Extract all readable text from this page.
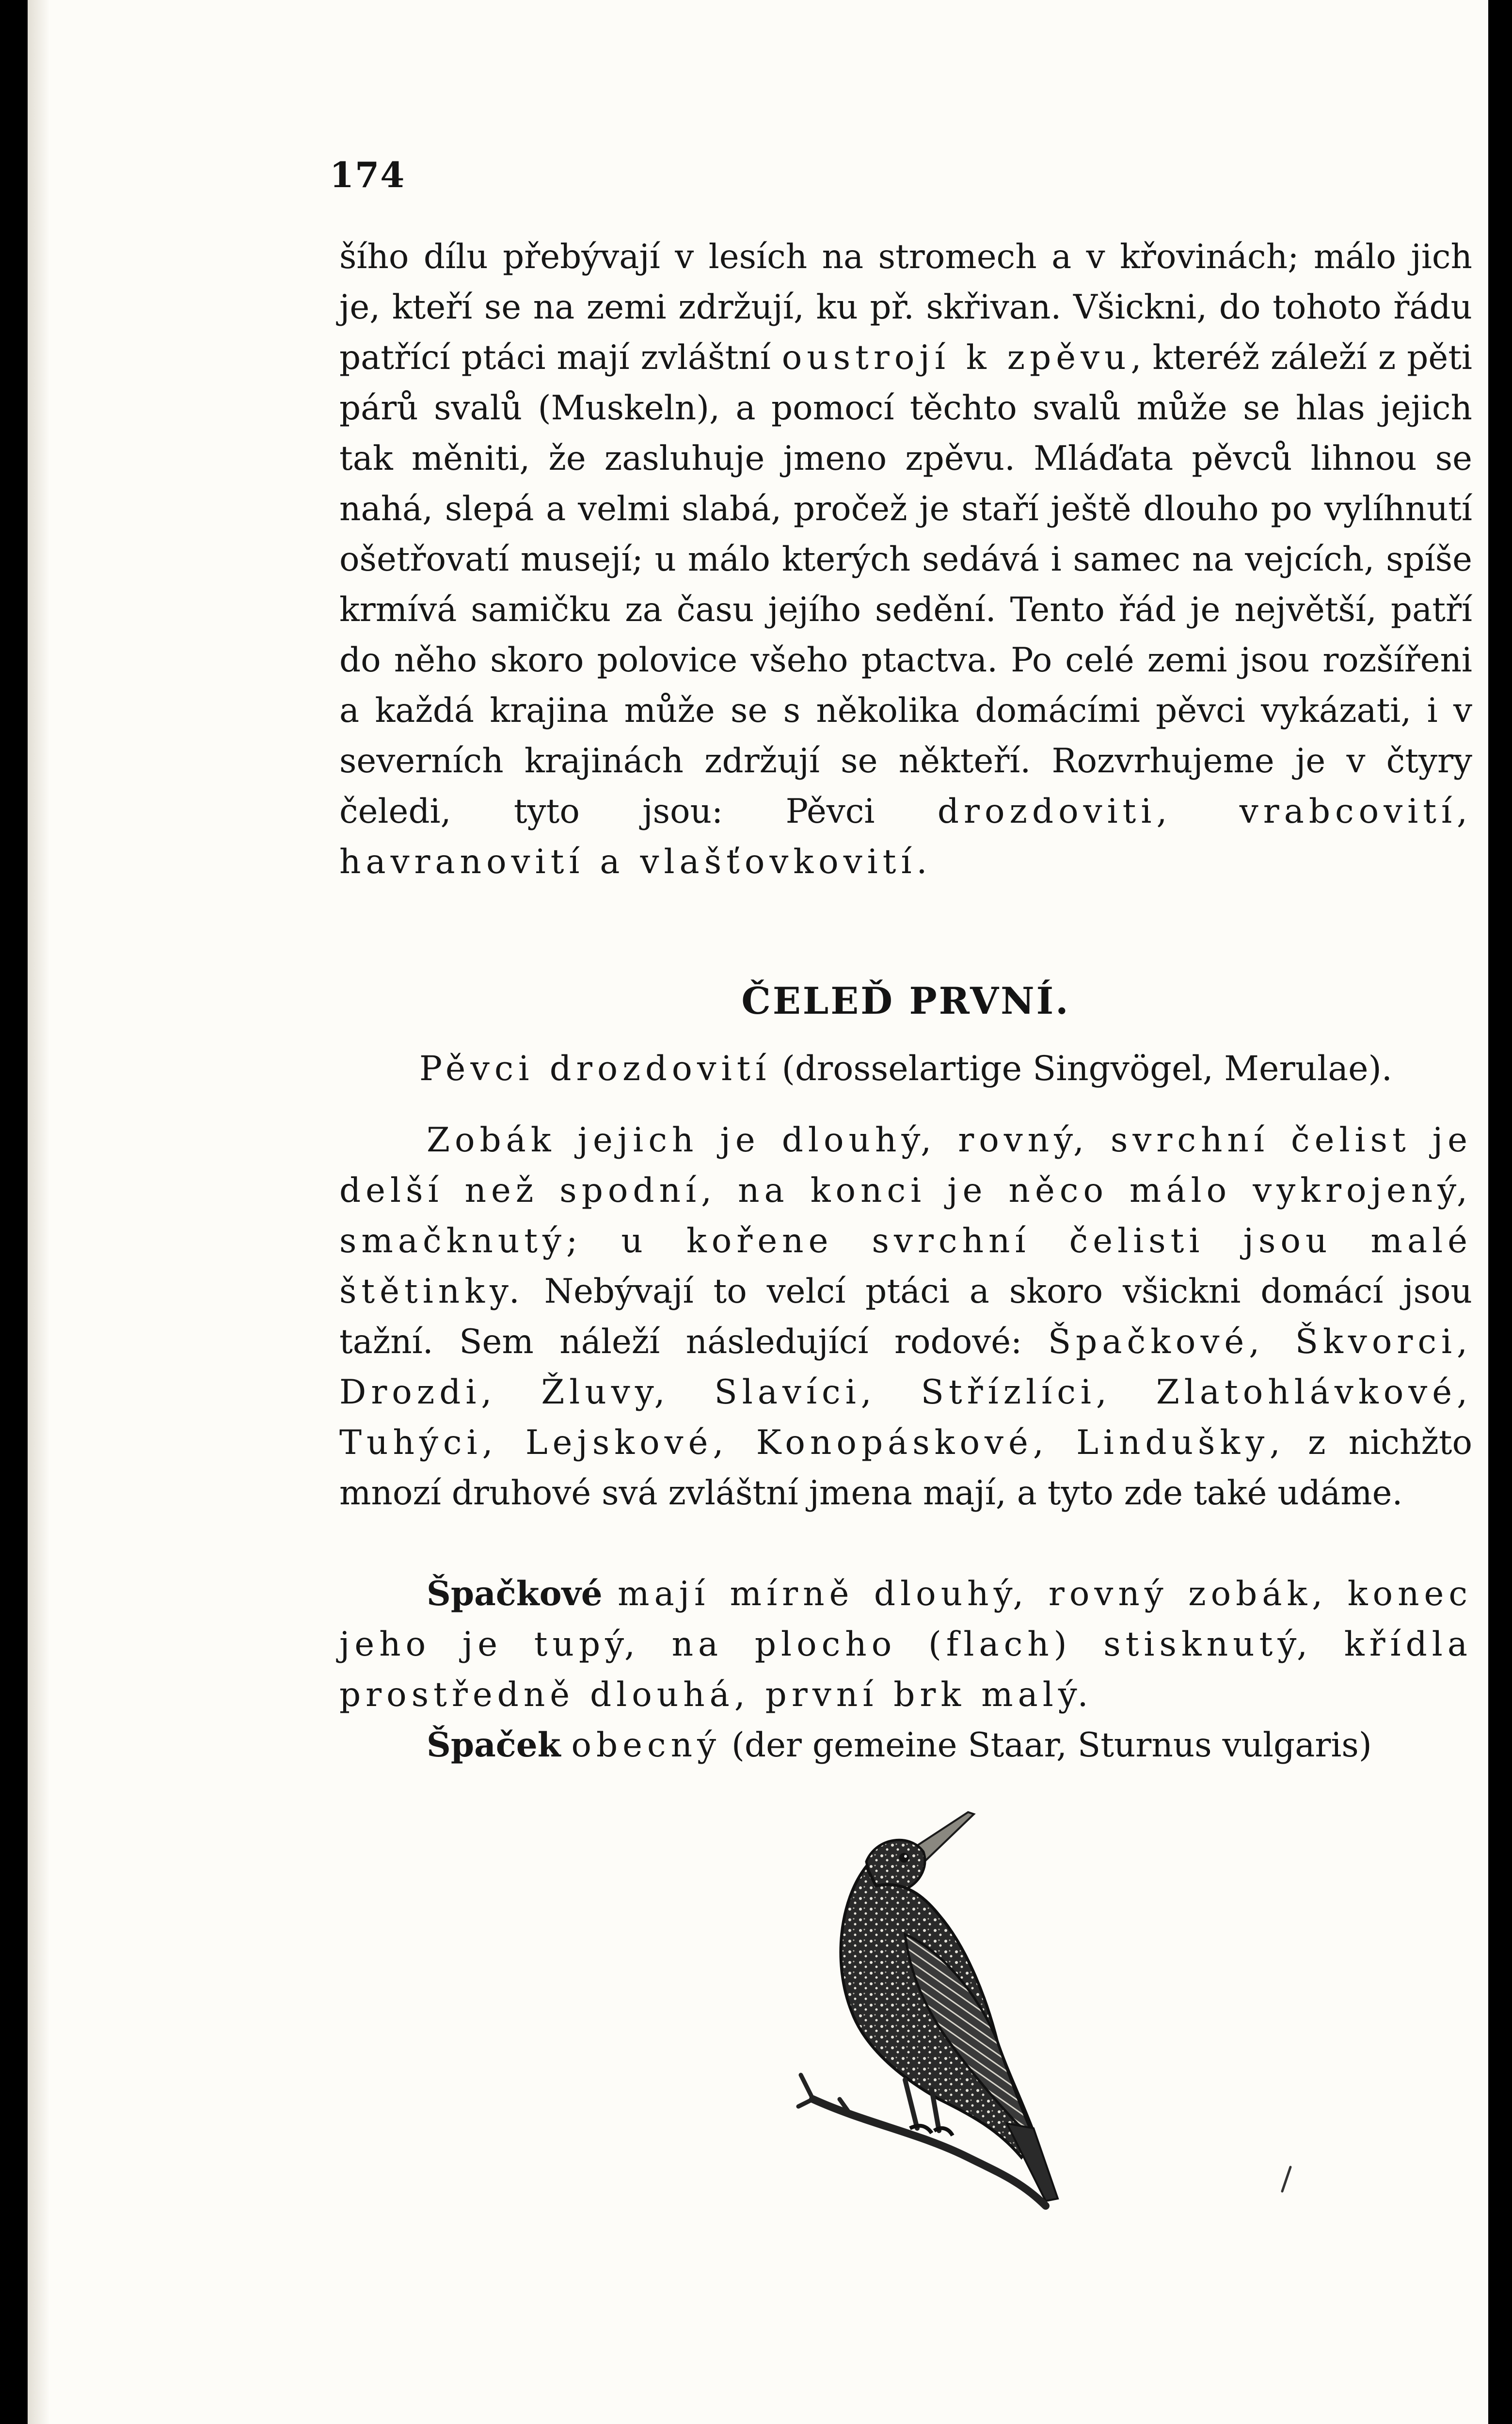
174

šího dílu přebývají v lesích na stromech a v křovinách; málo jich je, kteří se na zemi zdržují, ku př. skřivan. Všickni, do tohoto řádu patřící ptáci mají zvláštní oustrojí k zpěvu, kteréž záleží z pěti párů svalů (Muskeln), a pomocí těchto svalů může se hlas jejich tak měniti, že zasluhuje jmeno zpěvu. Mláďata pěvců lihnou se nahá, slepá a velmi slabá, pročež je staří ještě dlouho po vylíhnutí ošetřovatí musejí; u málo kterých sedává i samec na vejcích, spíše krmívá samičku za času jejího sedění. Tento řád je největší, patří do něho skoro polovice všeho ptactva. Po celé zemi jsou rozšířeni a každá krajina může se s několika domácími pěvci vykázati, i v severních krajinách zdržují se někteří. Rozvrhujeme je v čtyry čeledi, tyto jsou: Pěvci drozdoviti, vrabcovití, havranovití a vlašťovkovití.

ČELEĎ PRVNÍ.
Pěvci drozdovití (drosselartige Singvögel, Merulae).

Zobák jejich je dlouhý, rovný, svrchní čelist je delší než spodní, na konci je něco málo vykrojený, smačknutý; u kořene svrchní čelisti jsou malé štětinky. Nebývají to velcí ptáci a skoro všickni domácí jsou tažní. Sem náleží následující rodové: Špačkové, Škvorci, Drozdi, Žluvy, Slavíci, Střízlíci, Zlatohlávkové, Tuhýci, Lejskové, Konopáskové, Linduškу, z nichžto mnozí druhové svá zvláštní jmena mají, a tyto zde také udáme.

Špačkové mají mírně dlouhý, rovný zobák, konec jeho je tupý, na plocho (flach) stisknutý, křídla prostředně dlouhá, první brk malý.

Špaček obecný (der gemeine Staar, Sturnus vulgaris)
